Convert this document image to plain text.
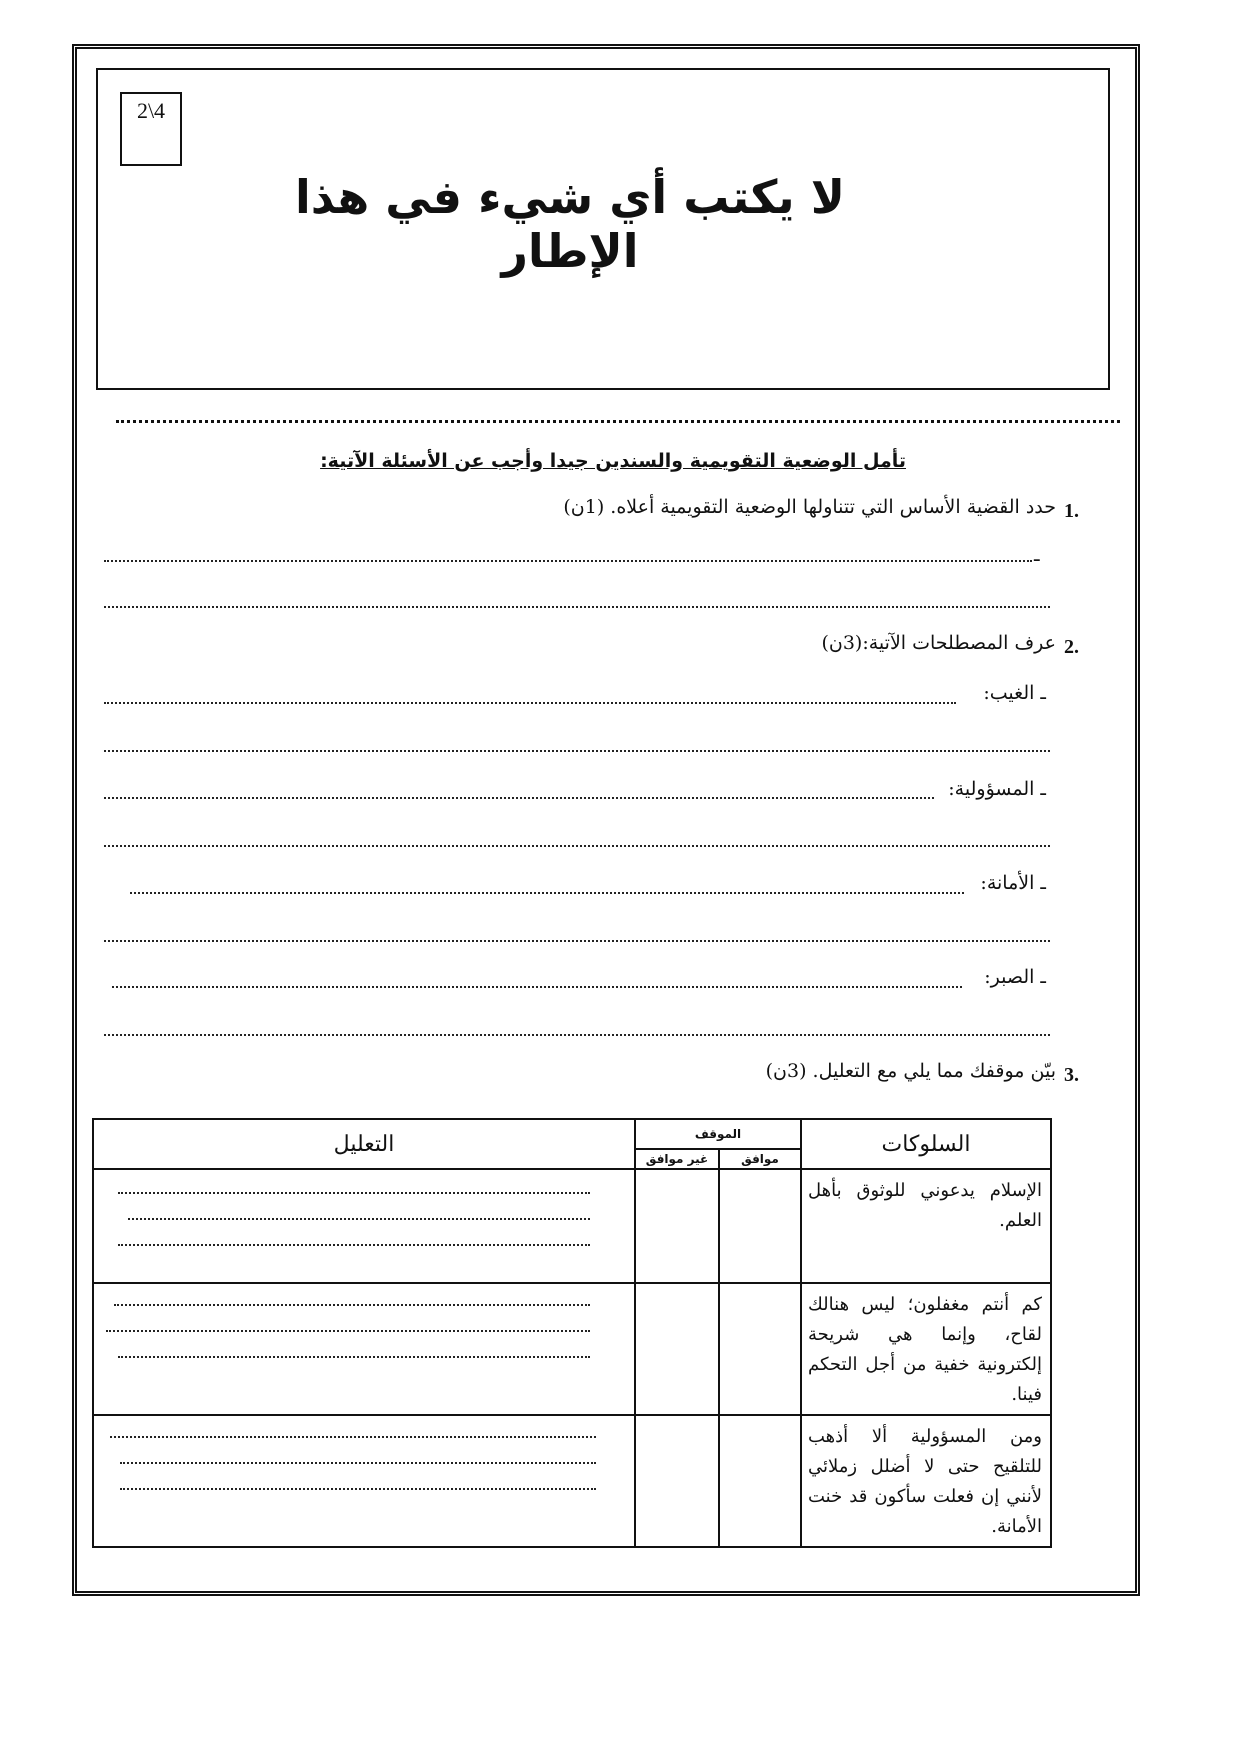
2\4
لا يكتب أي شيء في هذا الإطار
تأمل الوضعية التقويمية والسندين جيدا وأجب عن الأسئلة الآتية:
1.
حدد القضية الأساس التي تتناولها الوضعية التقويمية أعلاه. (1ن)
ـ
2.
عرف المصطلحات الآتية:(3ن)
ـ الغيب:
ـ المسؤولية:
ـ الأمانة:
ـ الصبر:
3.
بيّن موقفك مما يلي مع التعليل. (3ن)
التعليل	الموقف		السلوكات
	غير موافق	موافق	

			الإسلام يدعوني للوثوق بأهل العلم.

			كم أنتم مغفلون؛ ليس هنالك لقاح، وإنما هي شريحة إلكترونية خفية من أجل التحكم فينا.

			ومن المسؤولية ألا أذهب للتلقيح حتى لا أضلل زملائي لأنني إن فعلت سأكون قد خنت الأمانة.
